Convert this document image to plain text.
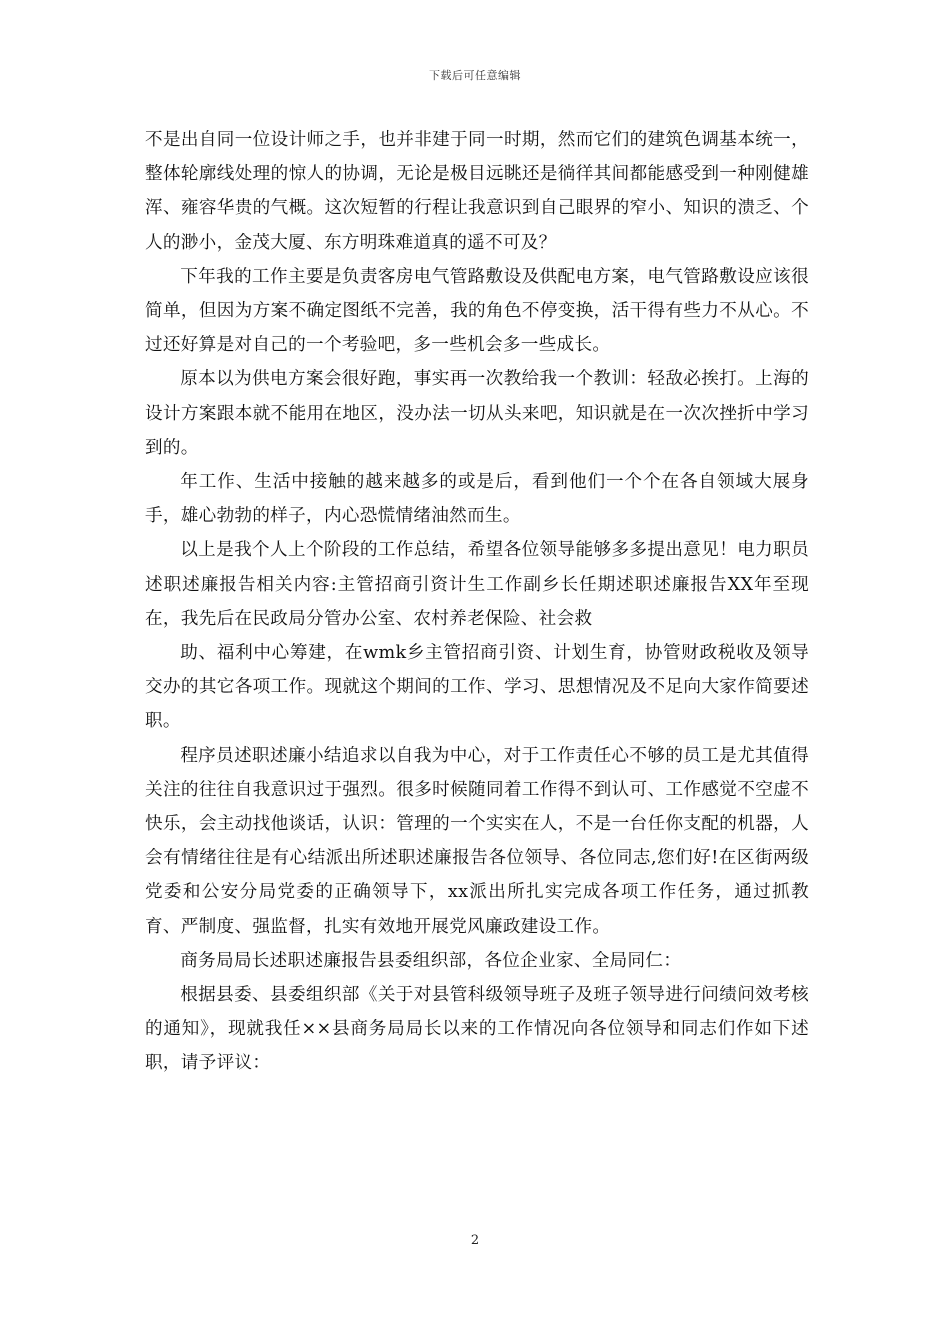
下载后可任意编辑

不是出自同一位设计师之手，也并非建于同一时期，然而它们的建筑色调基本统一，整体轮廓线处理的惊人的协调，无论是极目远眺还是徜徉其间都能感受到一种刚健雄浑、雍容华贵的气概。这次短暂的行程让我意识到自己眼界的窄小、知识的溃乏、个人的渺小，金茂大厦、东方明珠难道真的遥不可及？

下年我的工作主要是负责客房电气管路敷设及供配电方案，电气管路敷设应该很简单，但因为方案不确定图纸不完善，我的角色不停变换，活干得有些力不从心。不过还好算是对自己的一个考验吧，多一些机会多一些成长。

原本以为供电方案会很好跑，事实再一次教给我一个教训：轻敌必挨打。上海的设计方案跟本就不能用在地区，没办法一切从头来吧，知识就是在一次次挫折中学习到的。

年工作、生活中接触的越来越多的或是后，看到他们一个个在各自领域大展身手，雄心勃勃的样子，内心恐慌情绪油然而生。

以上是我个人上个阶段的工作总结，希望各位领导能够多多提出意见！电力职员述职述廉报告相关内容:主管招商引资计生工作副乡长任期述职述廉报告XX年至现在，我先后在民政局分管办公室、农村养老保险、社会救

助、福利中心筹建，在wmk乡主管招商引资、计划生育，协管财政税收及领导交办的其它各项工作。现就这个期间的工作、学习、思想情况及不足向大家作简要述职。

程序员述职述廉小结追求以自我为中心，对于工作责任心不够的员工是尤其值得关注的往往自我意识过于强烈。很多时候随同着工作得不到认可、工作感觉不空虚不快乐，会主动找他谈话，认识：管理的一个实实在人，不是一台任你支配的机器，人会有情绪往往是有心结派出所述职述廉报告各位领导、各位同志,您们好!在区街两级党委和公安分局党委的正确领导下，xx派出所扎实完成各项工作任务，通过抓教育、严制度、强监督，扎实有效地开展党风廉政建设工作。

商务局局长述职述廉报告县委组织部，各位企业家、全局同仁：

根据县委、县委组织部《关于对县管科级领导班子及班子领导进行问绩问效考核的通知》，现就我任××县商务局局长以来的工作情况向各位领导和同志们作如下述职，请予评议：

2
